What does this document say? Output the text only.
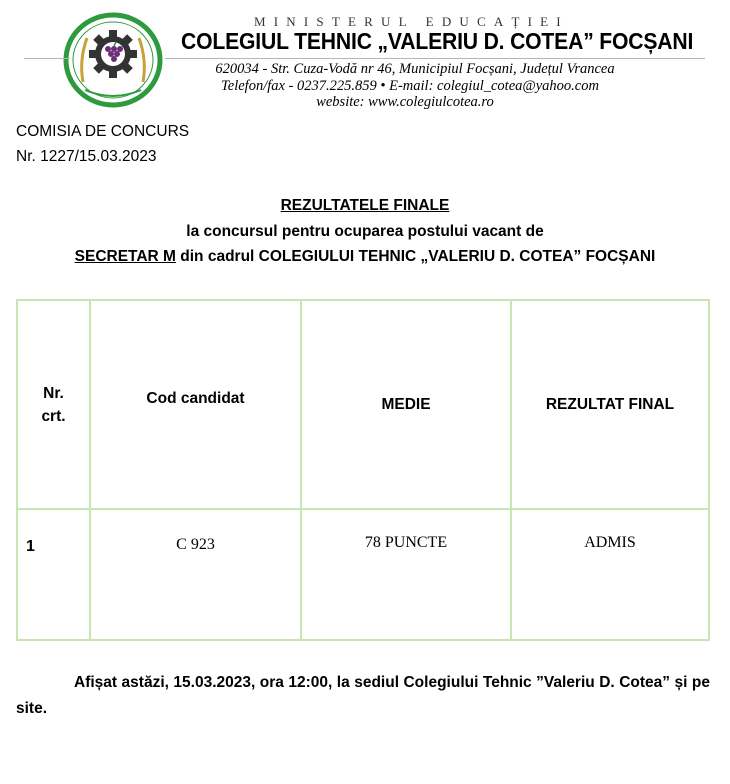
MINISTERUL EDUCAȚIEI
COLEGIUL TEHNIC „VALERIU D. COTEA” FOCȘANI
620034 - Str. Cuza-Vodă nr 46, Municipiul Focșani, Județul Vrancea
Telefon/fax - 0237.225.859 • E-mail: colegiul_cotea@yahoo.com
website: www.colegiulcotea.ro
COMISIA DE CONCURS
Nr. 1227/15.03.2023
REZULTATELE FINALE
la concursul pentru ocuparea postului vacant de
SECRETAR M din cadrul COLEGIULUI TEHNIC „VALERIU D. COTEA” FOCȘANI
Nr.
crt.	Cod candidat	MEDIE	REZULTAT FINAL
1	C 923	78 PUNCTE	ADMIS
Afișat astăzi, 15.03.2023, ora 12:00, la sediul Colegiului Tehnic ”Valeriu D. Cotea” și pe site.
